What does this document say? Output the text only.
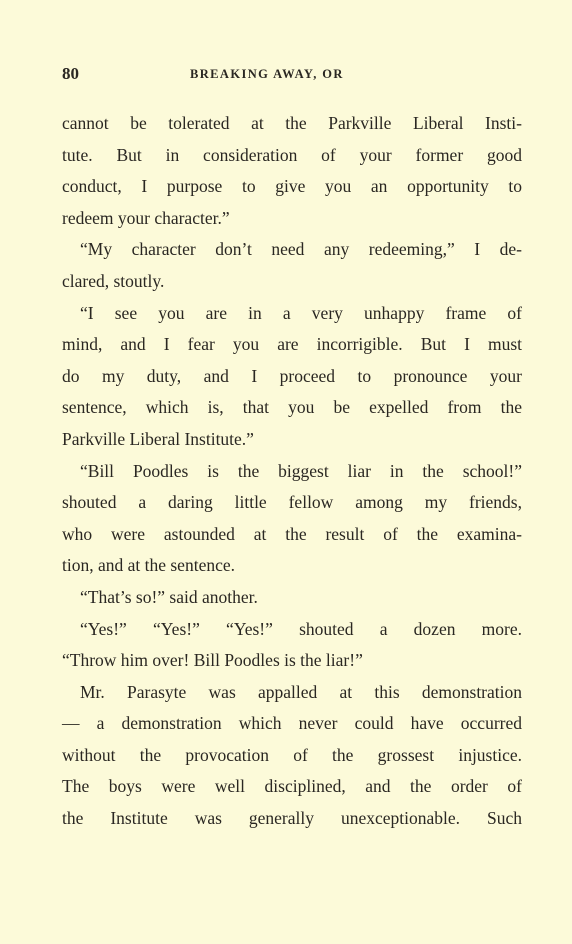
80	BREAKING AWAY, OR

cannot be tolerated at the Parkville Liberal Insti-
tute. But in consideration of your former good
conduct, I purpose to give you an opportunity to
redeem your character.”

“My character don’t need any redeeming,” I de-
clared, stoutly.

“I see you are in a very unhappy frame of
mind, and I fear you are incorrigible. But I must
do my duty, and I proceed to pronounce your
sentence, which is, that you be expelled from the
Parkville Liberal Institute.”

“Bill Poodles is the biggest liar in the school!”
shouted a daring little fellow among my friends,
who were astounded at the result of the examina-
tion, and at the sentence.

“That’s so!” said another.

“Yes!” “Yes!” “Yes!” shouted a dozen more.
“Throw him over! Bill Poodles is the liar!”

Mr. Parasyte was appalled at this demonstration
— a demonstration which never could have occurred
without the provocation of the grossest injustice.
The boys were well disciplined, and the order of
the Institute was generally unexceptionable. Such
